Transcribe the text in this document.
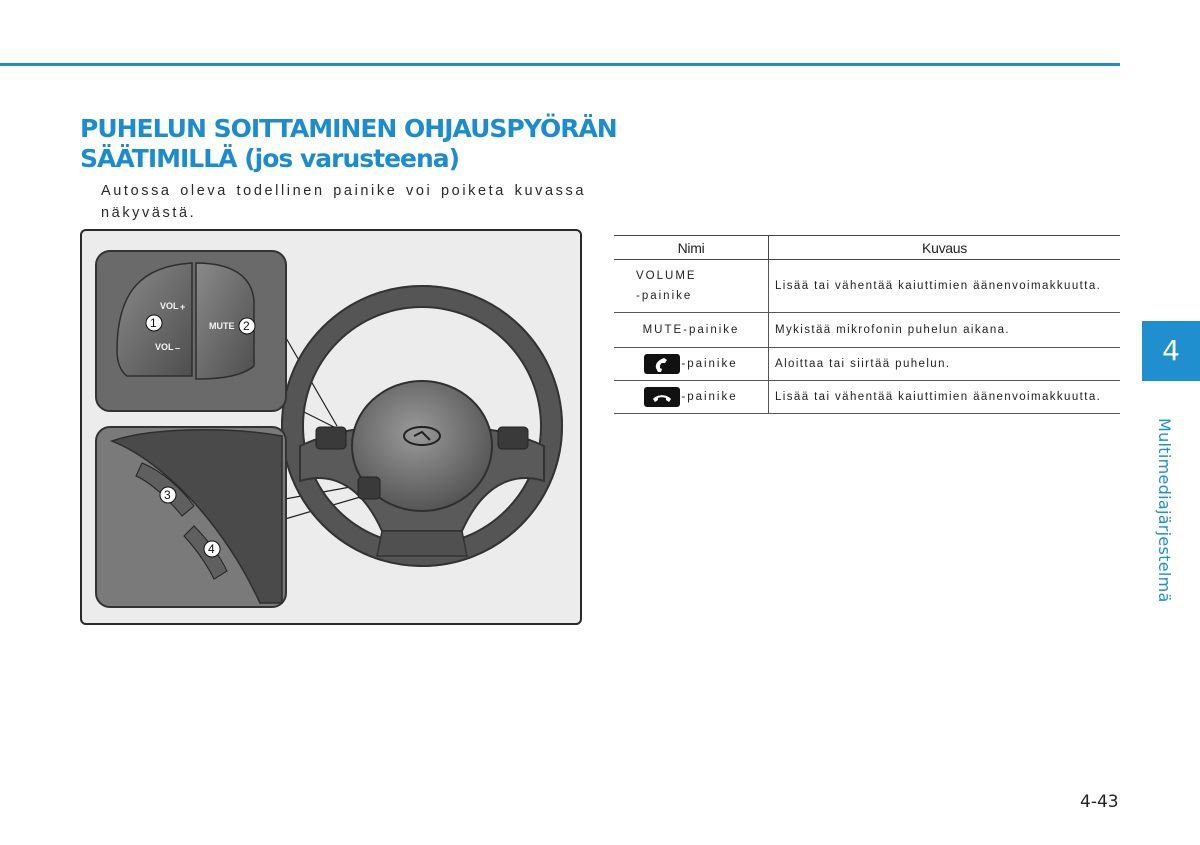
PUHELUN SOITTAMINEN OHJAUSPYÖRÄN
SÄÄTIMILLÄ (jos varusteena)

Autossa oleva todellinen painike voi poiketa kuvassa näkyvästä.

VOL +
VOL –
MUTE
1	2
3
4
Nimi	Kuvaus

VOLUME
-painike	Lisää tai vähentää kaiuttimien äänenvoimakkuutta.
MUTE-painike	Mykistää mikrofonin puhelun aikana.

-painike	Aloittaa tai siirtää puhelun.

-painike	Lisää tai vähentää kaiuttimien äänenvoimakkuutta.
4
Multimediajärjestelmä
4-43
